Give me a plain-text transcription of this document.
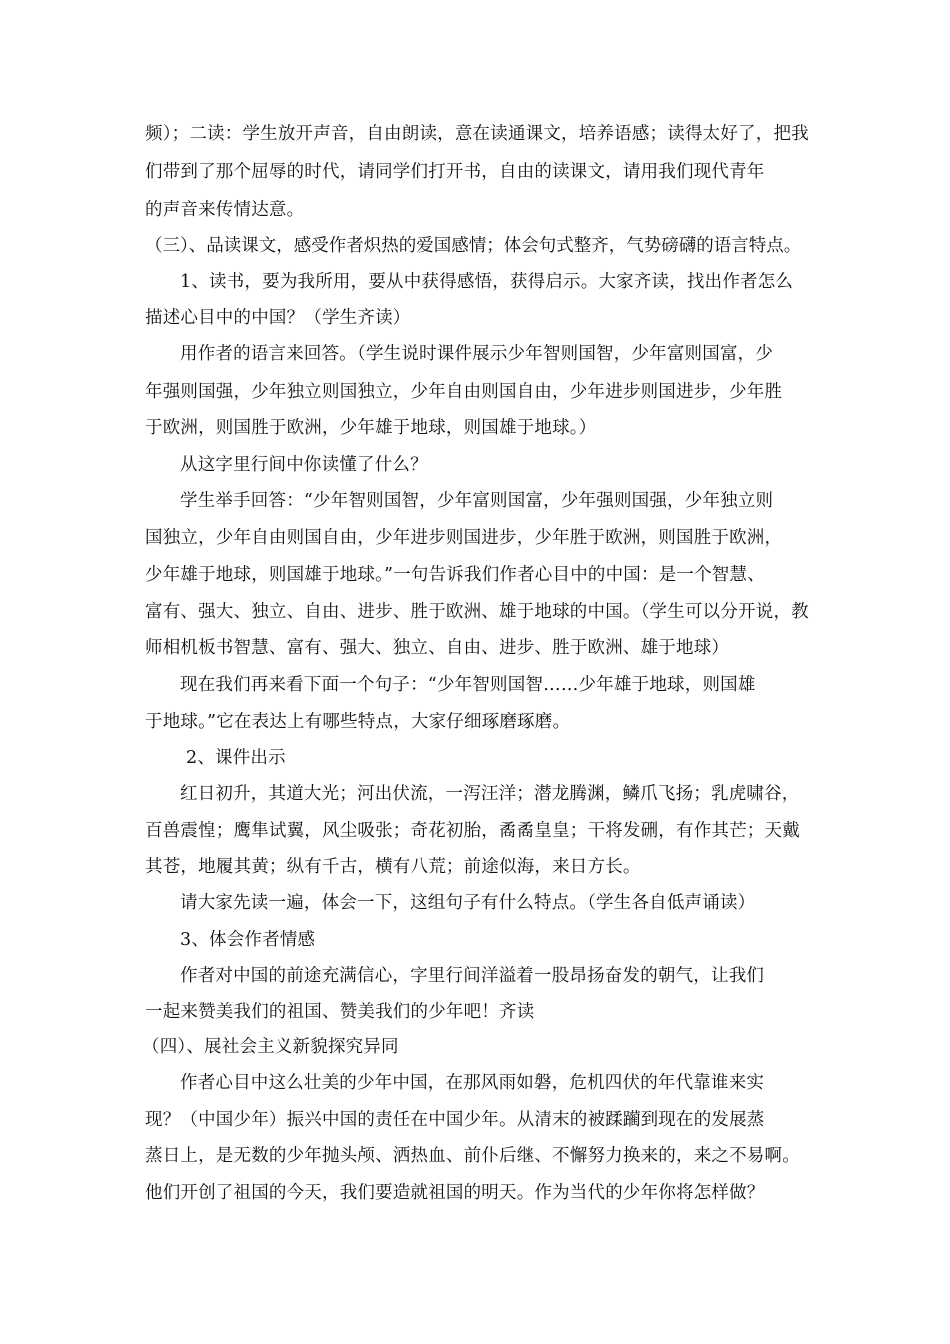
频）；二读：学生放开声音，自由朗读，意在读通课文，培养语感；读得太好了，把我
们带到了那个屈辱的时代，请同学们打开书，自由的读课文，请用我们现代青年
的声音来传情达意。
（三）、品读课文，感受作者炽热的爱国感情；体会句式整齐，气势磅礴的语言特点。
1、读书，要为我所用，要从中获得感悟，获得启示。大家齐读，找出作者怎么
描述心目中的中国？（学生齐读）
用作者的语言来回答。（学生说时课件展示少年智则国智，少年富则国富，少
年强则国强，少年独立则国独立，少年自由则国自由，少年进步则国进步，少年胜
于欧洲，则国胜于欧洲，少年雄于地球，则国雄于地球。）
从这字里行间中你读懂了什么？
学生举手回答：“少年智则国智，少年富则国富，少年强则国强，少年独立则
国独立，少年自由则国自由，少年进步则国进步，少年胜于欧洲，则国胜于欧洲，
少年雄于地球，则国雄于地球。”一句告诉我们作者心目中的中国：是一个智慧、
富有、强大、独立、自由、进步、胜于欧洲、雄于地球的中国。（学生可以分开说，教
师相机板书智慧、富有、强大、独立、自由、进步、胜于欧洲、雄于地球）
现在我们再来看下面一个句子：“少年智则国智……少年雄于地球，则国雄
于地球。”它在表达上有哪些特点，大家仔细琢磨琢磨。
2、课件出示
红日初升，其道大光；河出伏流，一泻汪洋；潜龙腾渊，鳞爪飞扬；乳虎啸谷，
百兽震惶；鹰隼试翼，风尘吸张；奇花初胎，矞矞皇皇；干将发硎，有作其芒；天戴
其苍，地履其黄；纵有千古，横有八荒；前途似海，来日方长。
请大家先读一遍，体会一下，这组句子有什么特点。（学生各自低声诵读）
3、体会作者情感
作者对中国的前途充满信心，字里行间洋溢着一股昂扬奋发的朝气，让我们
一起来赞美我们的祖国、赞美我们的少年吧！齐读
（四）、展社会主义新貌探究异同
作者心目中这么壮美的少年中国，在那风雨如磐，危机四伏的年代靠谁来实
现？（中国少年）振兴中国的责任在中国少年。从清末的被蹂躏到现在的发展蒸
蒸日上，是无数的少年抛头颅、洒热血、前仆后继、不懈努力换来的，来之不易啊。
他们开创了祖国的今天，我们要造就祖国的明天。作为当代的少年你将怎样做？
